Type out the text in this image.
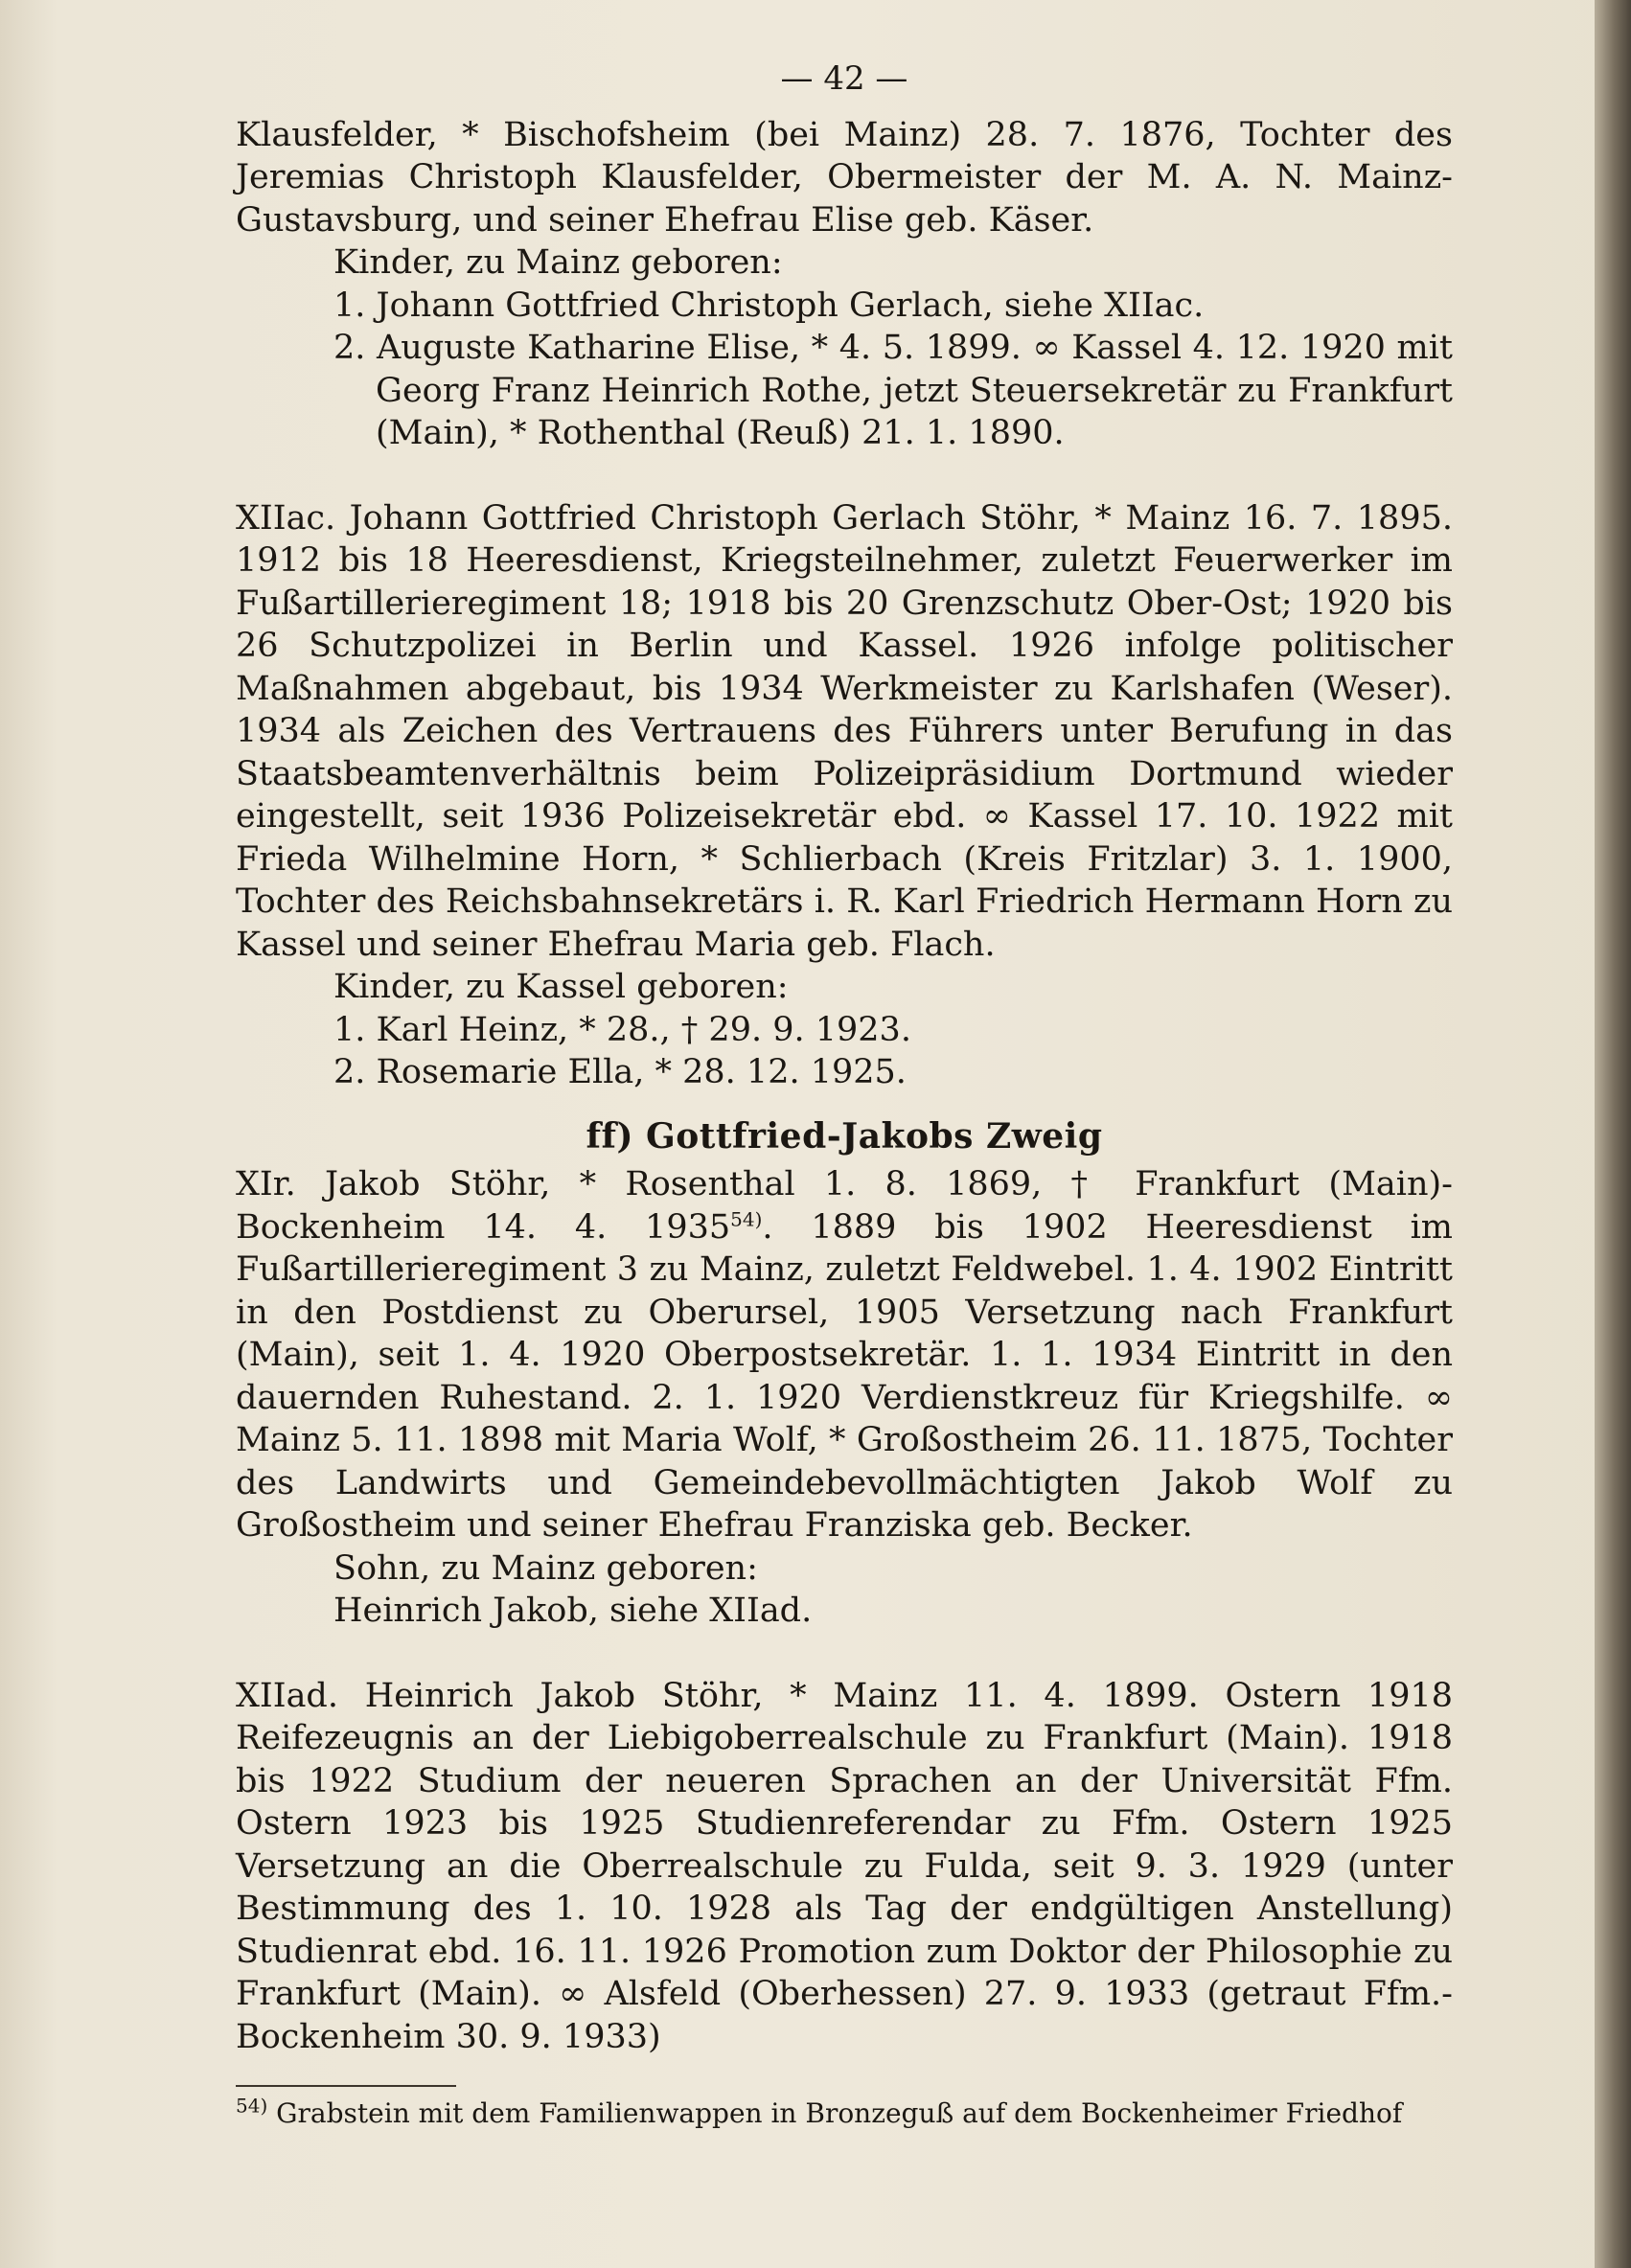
— 42 —

Klausfelder, * Bischofsheim (bei Mainz) 28. 7. 1876, Tochter des Jeremias Christoph Klausfelder, Obermeister der M. A. N. Mainz-Gustavsburg, und seiner Ehefrau Elise geb. Käser.

Kinder, zu Mainz geboren:

1. Johann Gottfried Christoph Gerlach, siehe XIIac.

2. Auguste Katharine Elise, * 4. 5. 1899. ∞ Kassel 4. 12. 1920 mit Georg Franz Heinrich Rothe, jetzt Steuersekretär zu Frankfurt (Main), * Rothenthal (Reuß) 21. 1. 1890.

XIIac. Johann Gottfried Christoph Gerlach Stöhr, * Mainz 16. 7. 1895. 1912 bis 18 Heeresdienst, Kriegsteilnehmer, zuletzt Feuerwerker im Fußartillerieregiment 18; 1918 bis 20 Grenzschutz Ober-Ost; 1920 bis 26 Schutzpolizei in Berlin und Kassel. 1926 infolge politischer Maßnahmen abgebaut, bis 1934 Werkmeister zu Karlshafen (Weser). 1934 als Zeichen des Vertrauens des Führers unter Berufung in das Staatsbeamtenverhältnis beim Polizeipräsidium Dortmund wieder eingestellt, seit 1936 Polizeisekretär ebd. ∞ Kassel 17. 10. 1922 mit Frieda Wilhelmine Horn, * Schlierbach (Kreis Fritzlar) 3. 1. 1900, Tochter des Reichsbahnsekretärs i. R. Karl Friedrich Hermann Horn zu Kassel und seiner Ehefrau Maria geb. Flach.

Kinder, zu Kassel geboren:

1. Karl Heinz, * 28., † 29. 9. 1923.

2. Rosemarie Ella, * 28. 12. 1925.

ff) Gottfried-Jakobs Zweig

XIr. Jakob Stöhr, * Rosenthal 1. 8. 1869, † Frankfurt (Main)-Bockenheim 14. 4. 1935$^{54)}$. 1889 bis 1902 Heeresdienst im Fußartillerieregiment 3 zu Mainz, zuletzt Feldwebel. 1. 4. 1902 Eintritt in den Postdienst zu Oberursel, 1905 Versetzung nach Frankfurt (Main), seit 1. 4. 1920 Oberpostsekretär. 1. 1. 1934 Eintritt in den dauernden Ruhestand. 2. 1. 1920 Verdienstkreuz für Kriegshilfe. ∞ Mainz 5. 11. 1898 mit Maria Wolf, * Großostheim 26. 11. 1875, Tochter des Landwirts und Gemeindebevollmächtigten Jakob Wolf zu Großostheim und seiner Ehefrau Franziska geb. Becker.

Sohn, zu Mainz geboren:

Heinrich Jakob, siehe XIIad.

XIIad. Heinrich Jakob Stöhr, * Mainz 11. 4. 1899. Ostern 1918 Reifezeugnis an der Liebigoberrealschule zu Frankfurt (Main). 1918 bis 1922 Studium der neueren Sprachen an der Universität Ffm. Ostern 1923 bis 1925 Studienreferendar zu Ffm. Ostern 1925 Versetzung an die Oberrealschule zu Fulda, seit 9. 3. 1929 (unter Bestimmung des 1. 10. 1928 als Tag der endgültigen Anstellung) Studienrat ebd. 16. 11. 1926 Promotion zum Doktor der Philosophie zu Frankfurt (Main). ∞ Alsfeld (Oberhessen) 27. 9. 1933 (getraut Ffm.-Bockenheim 30. 9. 1933)

$^{54)}$ Grabstein mit dem Familienwappen in Bronzeguß auf dem Bockenheimer Friedhof
